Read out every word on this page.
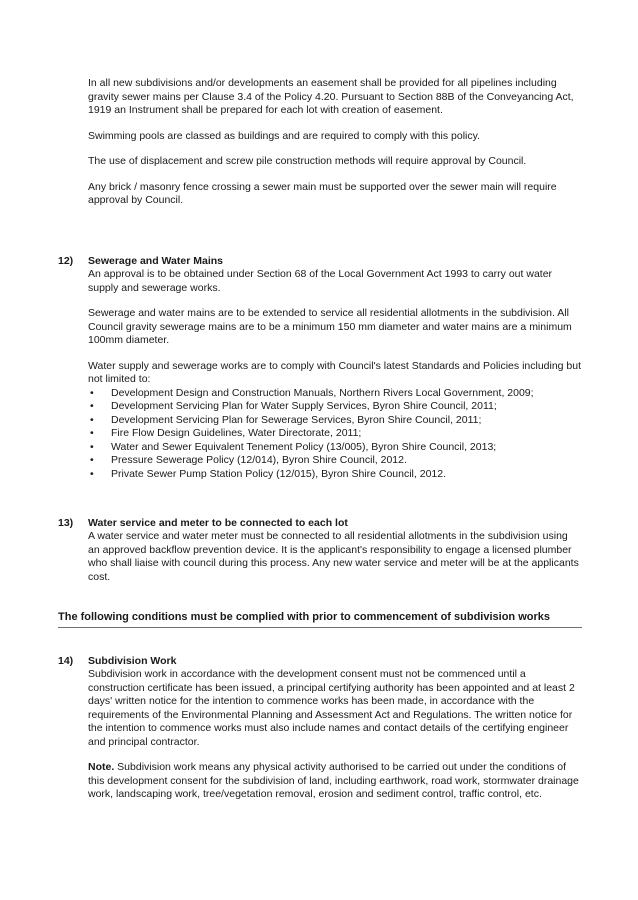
In all new subdivisions and/or developments an easement shall be provided for all pipelines including gravity sewer mains per Clause 3.4 of the Policy 4.20. Pursuant to Section 88B of the Conveyancing Act, 1919 an Instrument shall be prepared for each lot with creation of easement.

Swimming pools are classed as buildings and are required to comply with this policy.

The use of displacement and screw pile construction methods will require approval by Council.

Any brick / masonry fence crossing a sewer main must be supported over the sewer main will require approval by Council.

12) Sewerage and Water Mains

An approval is to be obtained under Section 68 of the Local Government Act 1993 to carry out water supply and sewerage works.

Sewerage and water mains are to be extended to service all residential allotments in the subdivision. All Council gravity sewerage mains are to be a minimum 150 mm diameter and water mains are a minimum 100mm diameter.

Water supply and sewerage works are to comply with Council's latest Standards and Policies including but not limited to:

• Development Design and Construction Manuals, Northern Rivers Local Government, 2009;
• Development Servicing Plan for Water Supply Services, Byron Shire Council, 2011;
• Development Servicing Plan for Sewerage Services, Byron Shire Council, 2011;
• Fire Flow Design Guidelines, Water Directorate, 2011;
• Water and Sewer Equivalent Tenement Policy (13/005), Byron Shire Council, 2013;
• Pressure Sewerage Policy (12/014), Byron Shire Council, 2012.
• Private Sewer Pump Station Policy (12/015), Byron Shire Council, 2012.
13) Water service and meter to be connected to each lot

A water service and water meter must be connected to all residential allotments in the subdivision using an approved backflow prevention device. It is the applicant's responsibility to engage a licensed plumber who shall liaise with council during this process. Any new water service and meter will be at the applicants cost.

The following conditions must be complied with prior to commencement of subdivision works
14) Subdivision Work

Subdivision work in accordance with the development consent must not be commenced until a construction certificate has been issued, a principal certifying authority has been appointed and at least 2 days' written notice for the intention to commence works has been made, in accordance with the requirements of the Environmental Planning and Assessment Act and Regulations. The written notice for the intention to commence works must also include names and contact details of the certifying engineer and principal contractor.

Note. Subdivision work means any physical activity authorised to be carried out under the conditions of this development consent for the subdivision of land, including earthwork, road work, stormwater drainage work, landscaping work, tree/vegetation removal, erosion and sediment control, traffic control, etc.
